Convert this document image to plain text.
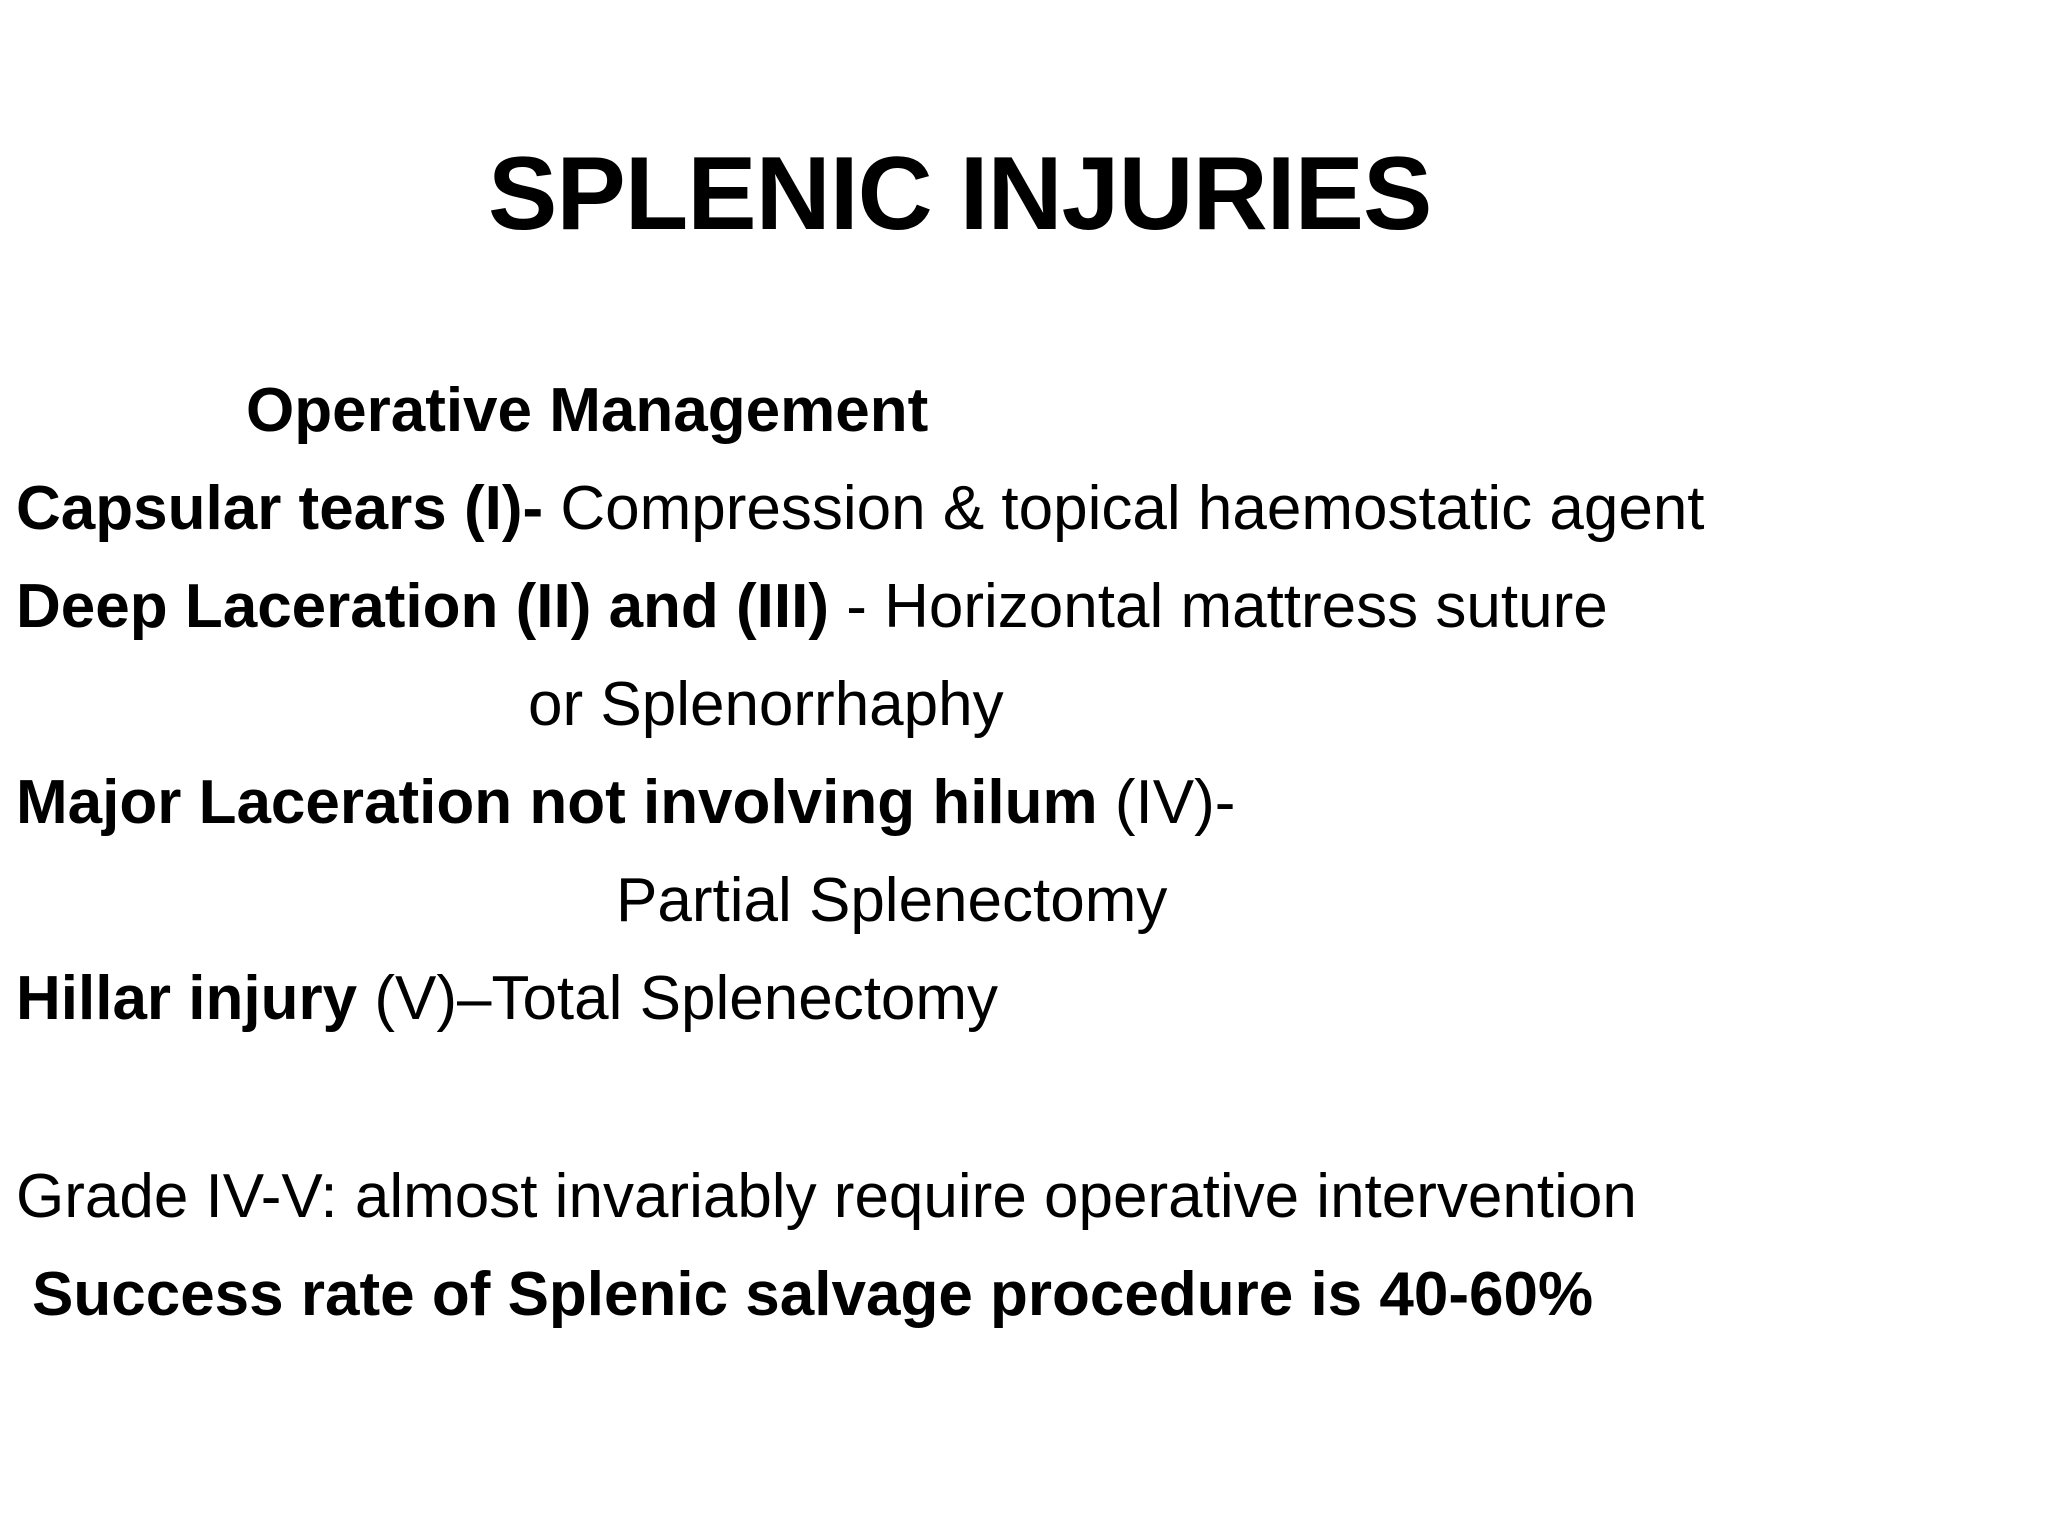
SPLENIC INJURIES
Operative Management
Capsular tears (I)- Compression & topical haemostatic agent
Deep Laceration (II) and (III) - Horizontal mattress suture
or Splenorrhaphy
Major Laceration not involving hilum (IV)-
Partial Splenectomy
Hillar injury (V)–Total Splenectomy
Grade IV-V: almost invariably require operative intervention
Success rate of Splenic salvage procedure is 40-60%
